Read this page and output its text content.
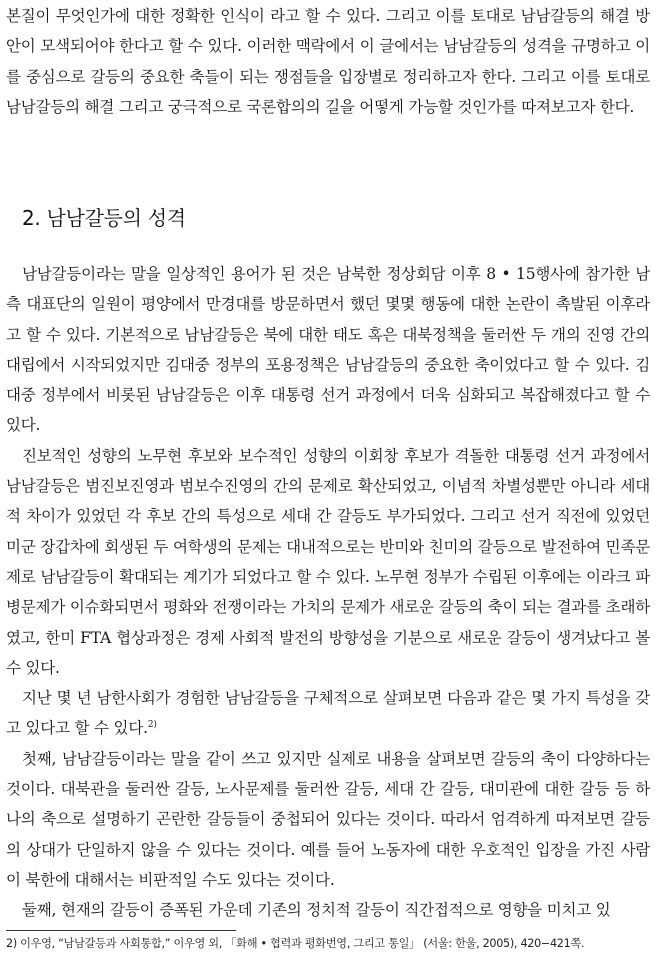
본질이 무엇인가에 대한 정확한 인식이 라고 할 수 있다. 그리고 이를 토대로 남남갈등의 해결 방안이 모색되어야 한다고 할 수 있다. 이러한 맥락에서 이 글에서는 남남갈등의 성격을 규명하고 이를 중심으로 갈등의 중요한 축들이 되는 쟁점들을 입장별로 정리하고자 한다. 그리고 이를 토대로 남남갈등의 해결 그리고 궁극적으로 국론합의의 길을 어떻게 가능할 것인가를 따져보고자 한다.

2. 남남갈등의 성격

남남갈등이라는 말을 일상적인 용어가 된 것은 남북한 정상회담 이후 8 • 15행사에 참가한 남측 대표단의 일원이 평양에서 만경대를 방문하면서 했던 몇몇 행동에 대한 논란이 촉발된 이후라고 할 수 있다. 기본적으로 남남갈등은 북에 대한 태도 혹은 대북정책을 둘러싼 두 개의 진영 간의 대립에서 시작되었지만 김대중 정부의 포용정책은 남남갈등의 중요한 축이었다고 할 수 있다. 김대중 정부에서 비롯된 남남갈등은 이후 대통령 선거 과정에서 더욱 심화되고 복잡해졌다고 할 수 있다.

진보적인 성향의 노무현 후보와 보수적인 성향의 이회창 후보가 격돌한 대통령 선거 과정에서 남남갈등은 범진보진영과 범보수진영의 간의 문제로 확산되었고, 이념적 차별성뿐만 아니라 세대적 차이가 있었던 각 후보 간의 특성으로 세대 간 갈등도 부가되었다. 그리고 선거 직전에 있었던 미군 장갑차에 회생된 두 여학생의 문제는 대내적으로는 반미와 친미의 갈등으로 발전하여 민족문제로 남남갈등이 확대되는 계기가 되었다고 할 수 있다. 노무현 정부가 수립된 이후에는 이라크 파병문제가 이슈화되면서 평화와 전쟁이라는 가치의 문제가 새로운 갈등의 축이 되는 결과를 초래하였고, 한미 FTA 협상과정은 경제 사회적 발전의 방향성을 기분으로 새로운 갈등이 생겨났다고 볼 수 있다.

지난 몇 년 남한사회가 경험한 남남갈등을 구체적으로 살펴보면 다음과 같은 몇 가지 특성을 갖고 있다고 할 수 있다.$^{2)}$

첫째, 남남갈등이라는 말을 같이 쓰고 있지만 실제로 내용을 살펴보면 갈등의 축이 다양하다는 것이다. 대북관을 둘러싼 갈등, 노사문제를 둘러싼 갈등, 세대 간 갈등, 대미관에 대한 갈등 등 하나의 축으로 설명하기 곤란한 갈등들이 중첩되어 있다는 것이다. 따라서 엄격하게 따져보면 갈등의 상대가 단일하지 않을 수 있다는 것이다. 예를 들어 노동자에 대한 우호적인 입장을 가진 사람이 북한에 대해서는 비판적일 수도 있다는 것이다.

둘째, 현재의 갈등이 증폭된 가운데 기존의 정치적 갈등이 직간접적으로 영향을 미치고 있

2) 이우영, “남남갈등과 사회통합,” 이우영 외, 「화해 • 협력과 평화번영, 그리고 통일」 (서울: 한울, 2005), 420−421쪽.
